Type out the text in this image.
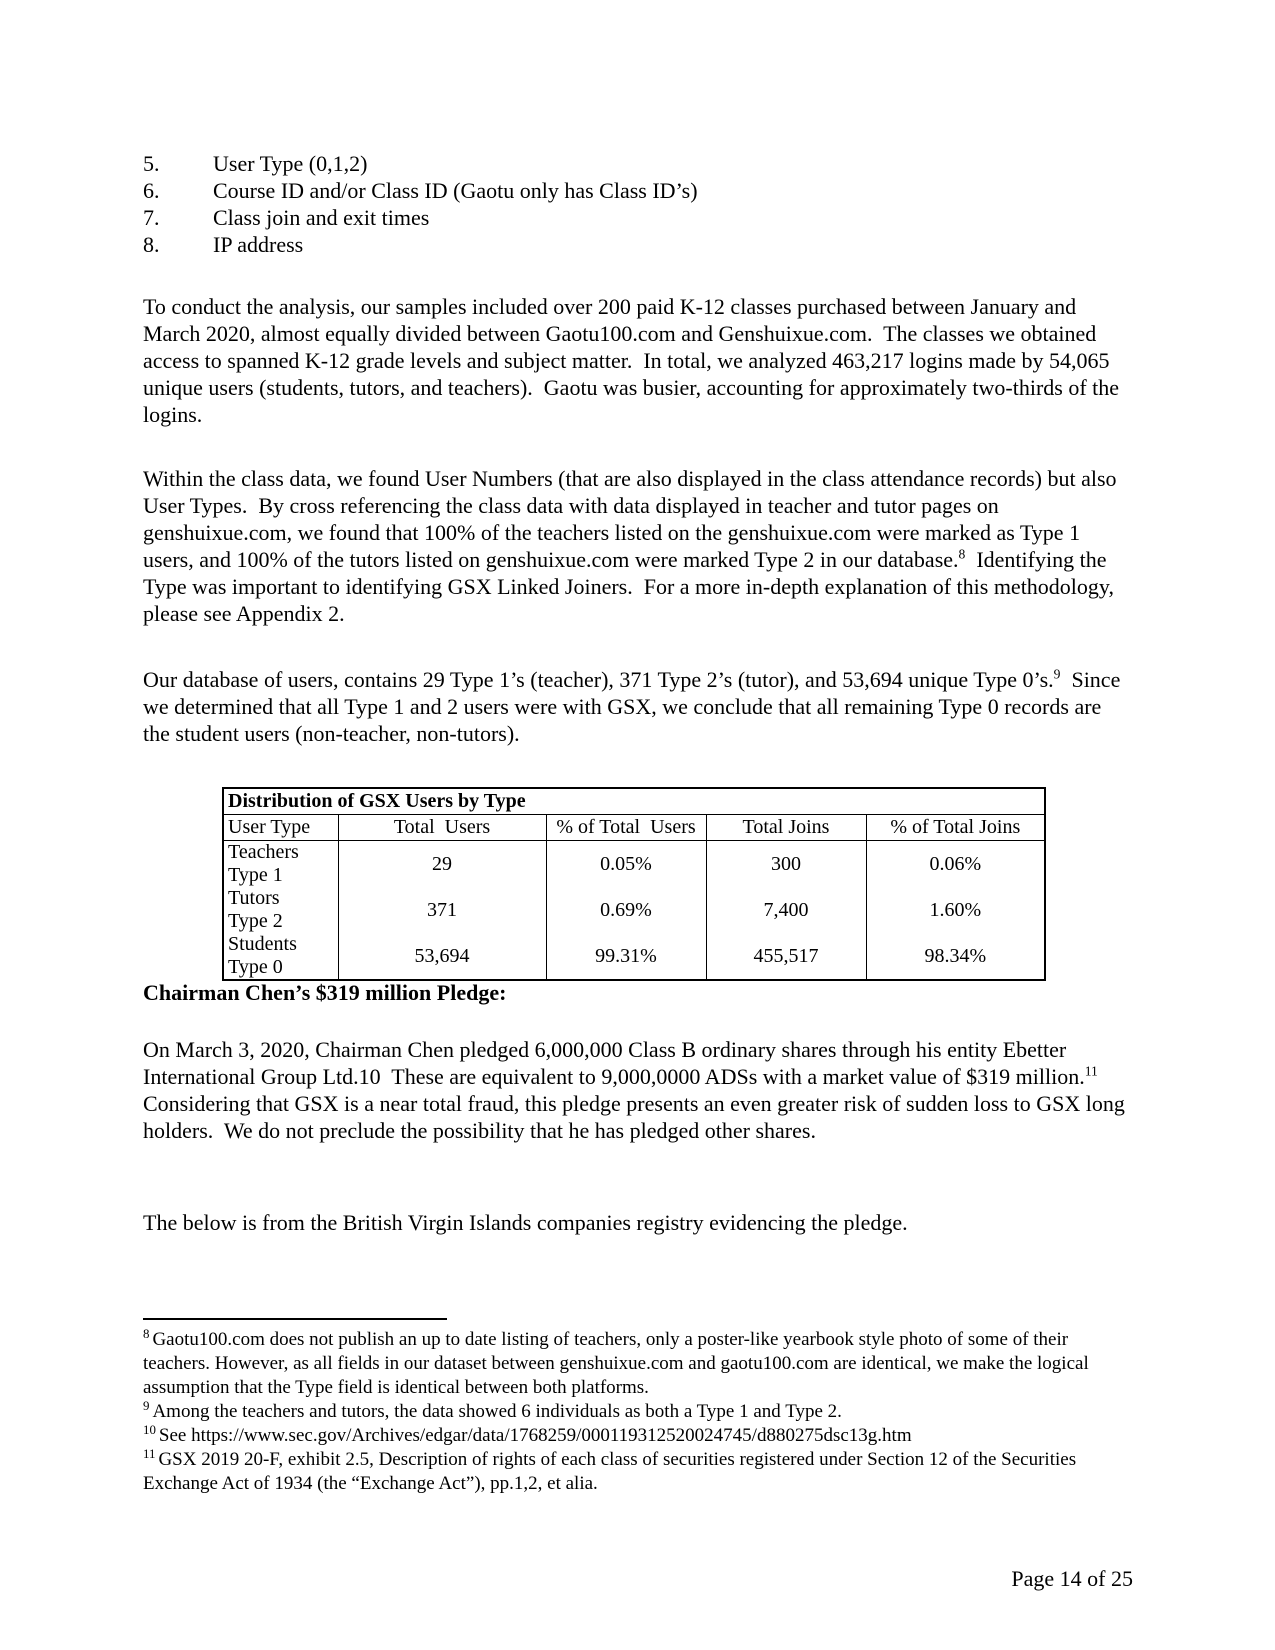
5. User Type (0,1,2)
6. Course ID and/or Class ID (Gaotu only has Class ID’s)
7. Class join and exit times
8. IP address

To conduct the analysis, our samples included over 200 paid K-12 classes purchased between January and March 2020, almost equally divided between Gaotu100.com and Genshuixue.com.  The classes we obtained access to spanned K-12 grade levels and subject matter.  In total, we analyzed 463,217 logins made by 54,065 unique users (students, tutors, and teachers).  Gaotu was busier, accounting for approximately two-thirds of the logins.

Within the class data, we found User Numbers (that are also displayed in the class attendance records) but also User Types.  By cross referencing the class data with data displayed in teacher and tutor pages on genshuixue.com, we found that 100% of the teachers listed on the genshuixue.com were marked as Type 1 users, and 100% of the tutors listed on genshuixue.com were marked Type 2 in our database.$^8$  Identifying the Type was important to identifying GSX Linked Joiners.  For a more in-depth explanation of this methodology, please see Appendix 2.

Our database of users, contains 29 Type 1’s (teacher), 371 Type 2’s (tutor), and 53,694 unique Type 0’s.$^9$  Since we determined that all Type 1 and 2 users were with GSX, we conclude that all remaining Type 0 records are the student users (non-teacher, non-tutors).

Distribution of GSX Users by Type				
User Type	Total  Users	% of Total  Users	Total Joins	% of Total Joins
TeachersType 1	29	0.05%	300	0.06%
TutorsType 2	371	0.69%	7,400	1.60%
StudentsType 0	53,694	99.31%	455,517	98.34%
Chairman Chen’s $319 million Pledge:

On March 3, 2020, Chairman Chen pledged 6,000,000 Class B ordinary shares through his entity Ebetter International Group Ltd.10  These are equivalent to 9,000,0000 ADSs with a market value of $319 million.$^{11}$  Considering that GSX is a near total fraud, this pledge presents an even greater risk of sudden loss to GSX long holders.  We do not preclude the possibility that he has pledged other shares.

The below is from the British Virgin Islands companies registry evidencing the pledge.

$^8$ Gaotu100.com does not publish an up to date listing of teachers, only a poster-like yearbook style photo of some of their teachers. However, as all fields in our dataset between genshuixue.com and gaotu100.com are identical, we make the logical assumption that the Type field is identical between both platforms.
$^9$ Among the teachers and tutors, the data showed 6 individuals as both a Type 1 and Type 2.
$^{10}$ See https://www.sec.gov/Archives/edgar/data/1768259/000119312520024745/d880275dsc13g.htm
$^{11}$ GSX 2019 20-F, exhibit 2.5, Description of rights of each class of securities registered under Section 12 of the Securities Exchange Act of 1934 (the “Exchange Act”), pp.1,2, et alia.
Page 14 of 25
